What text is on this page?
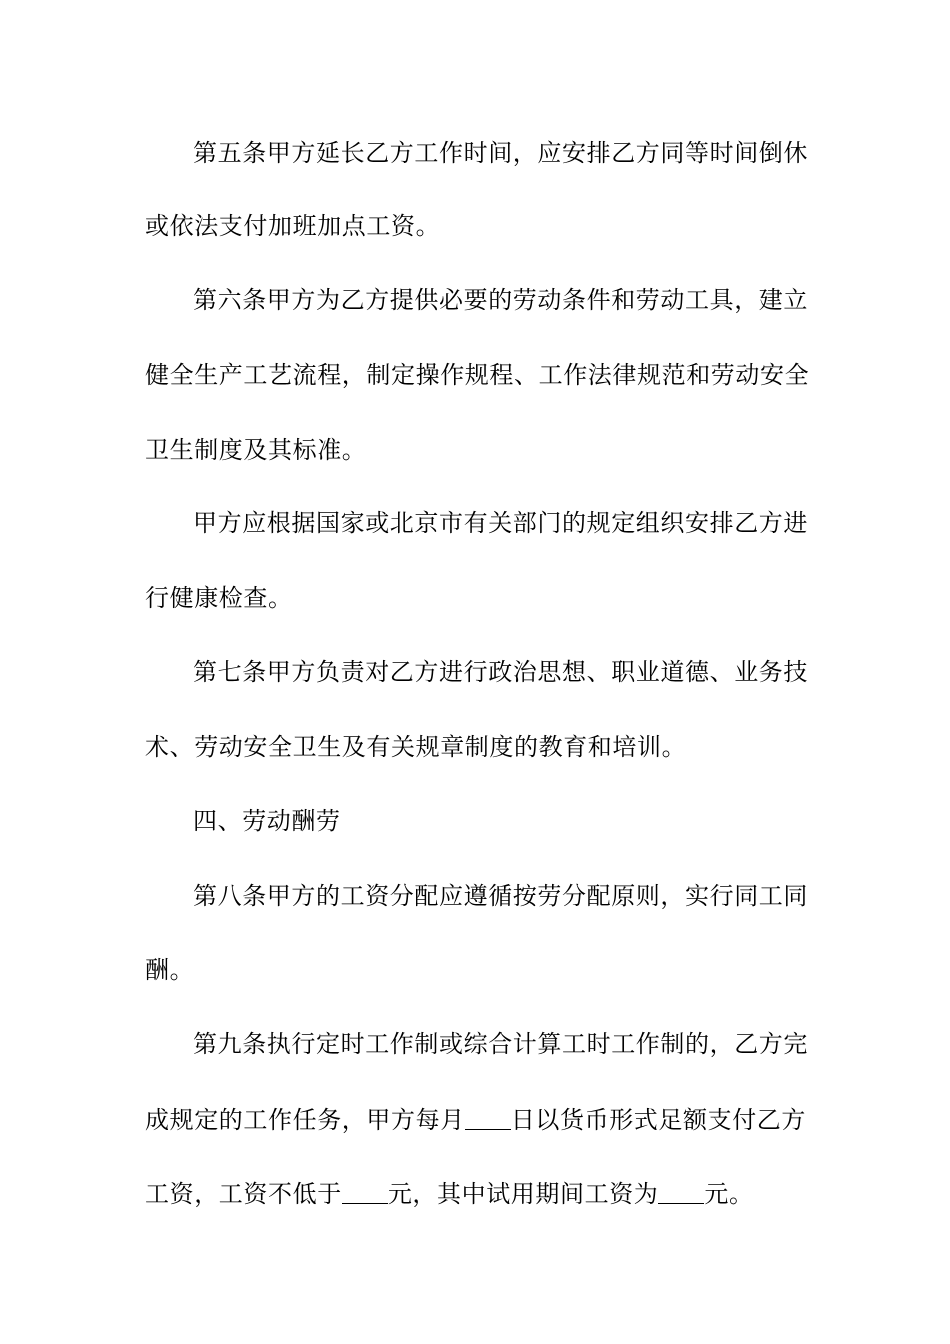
第五条甲方延长乙方工作时间，应安排乙方同等时间倒休
或依法支付加班加点工资。
第六条甲方为乙方提供必要的劳动条件和劳动工具，建立
健全生产工艺流程，制定操作规程、工作法律规范和劳动安全
卫生制度及其标准。
甲方应根据国家或北京市有关部门的规定组织安排乙方进
行健康检查。
第七条甲方负责对乙方进行政治思想、职业道德、业务技
术、劳动安全卫生及有关规章制度的教育和培训。
四、劳动酬劳
第八条甲方的工资分配应遵循按劳分配原则，实行同工同
酬。
第九条执行定时工作制或综合计算工时工作制的，乙方完
成规定的工作任务，甲方每月 日以货币形式足额支付乙方
工资，工资不低于 元，其中试用期间工资为 元。
